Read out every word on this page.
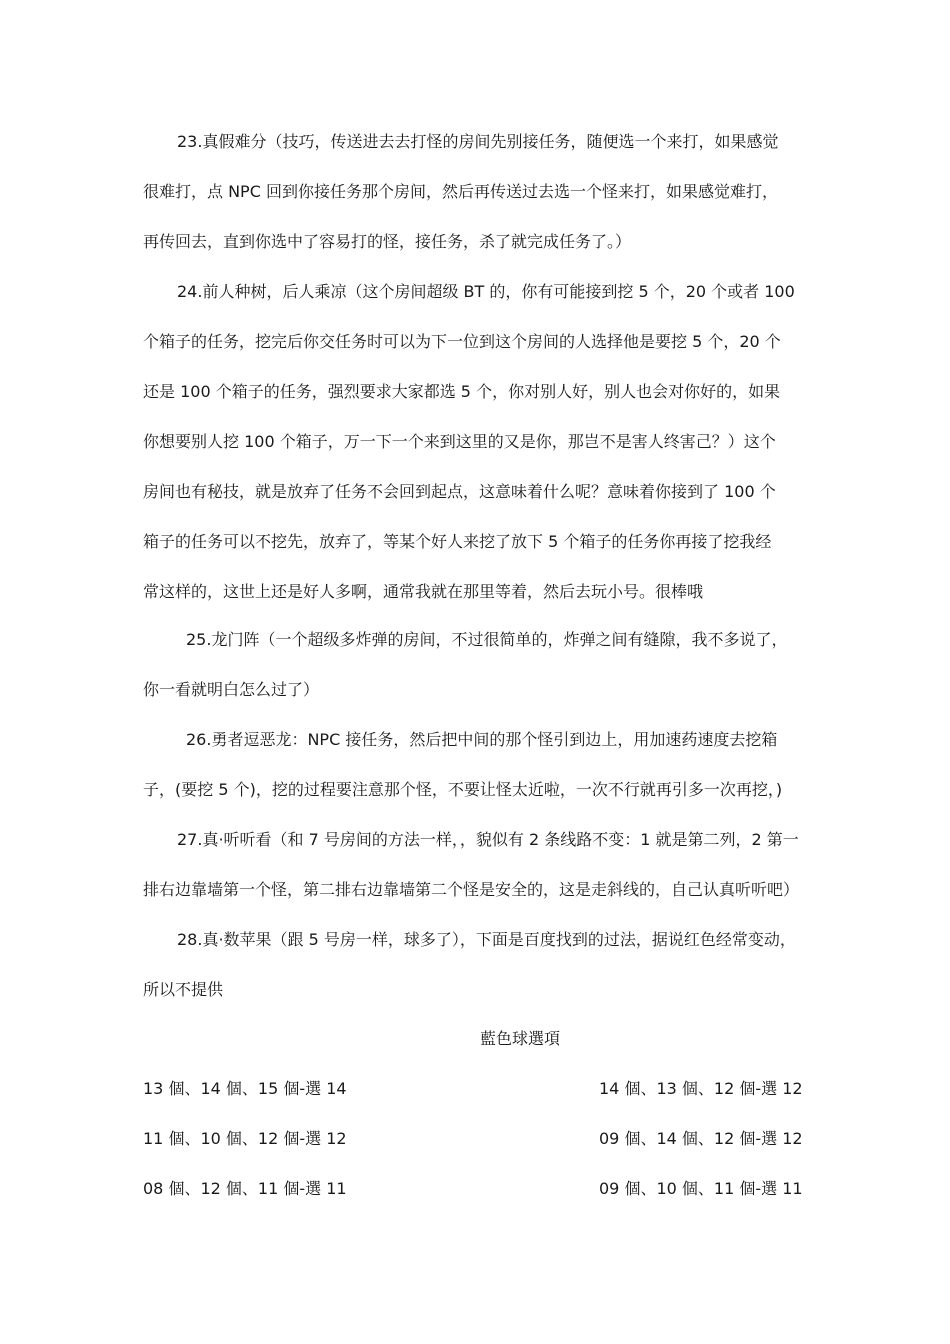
23.真假难分（技巧，传送进去去打怪的房间先别接任务，随便选一个来打，如果感觉
很难打，点 NPC 回到你接任务那个房间，然后再传送过去选一个怪来打，如果感觉难打，
再传回去，直到你选中了容易打的怪，接任务，杀了就完成任务了。）
24.前人种树，后人乘凉（这个房间超级 BT 的，你有可能接到挖 5 个，20 个或者 100
个箱子的任务，挖完后你交任务时可以为下一位到这个房间的人选择他是要挖 5 个，20 个
还是 100 个箱子的任务，强烈要求大家都选 5 个，你对别人好，别人也会对你好的，如果
你想要别人挖 100 个箱子，万一下一个来到这里的又是你，那岂不是害人终害己？）这个
房间也有秘技，就是放弃了任务不会回到起点，这意味着什么呢？意味着你接到了 100 个
箱子的任务可以不挖先，放弃了，等某个好人来挖了放下 5 个箱子的任务你再接了挖我经
常这样的，这世上还是好人多啊，通常我就在那里等着，然后去玩小号。很棒哦
25.龙门阵（一个超级多炸弹的房间，不过很简单的，炸弹之间有缝隙，我不多说了，
你一看就明白怎么过了）
26.勇者逗恶龙：NPC 接任务，然后把中间的那个怪引到边上，用加速药速度去挖箱
子，(要挖 5 个)，挖的过程要注意那个怪，不要让怪太近啦，一次不行就再引多一次再挖，)
27.真·听听看（和 7 号房间的方法一样，，貌似有 2 条线路不变：1 就是第二列，2 第一
排右边靠墙第一个怪，第二排右边靠墙第二个怪是安全的，这是走斜线的，自己认真听听吧）
28.真·数苹果（跟 5 号房一样，球多了），下面是百度找到的过法，据说红色经常变动，
所以不提供
藍色球選項
13 個、14 個、15 個-選 14	14 個、13 個、12 個-選 12
11 個、10 個、12 個-選 12	09 個、14 個、12 個-選 12
08 個、12 個、11 個-選 11	09 個、10 個、11 個-選 11
